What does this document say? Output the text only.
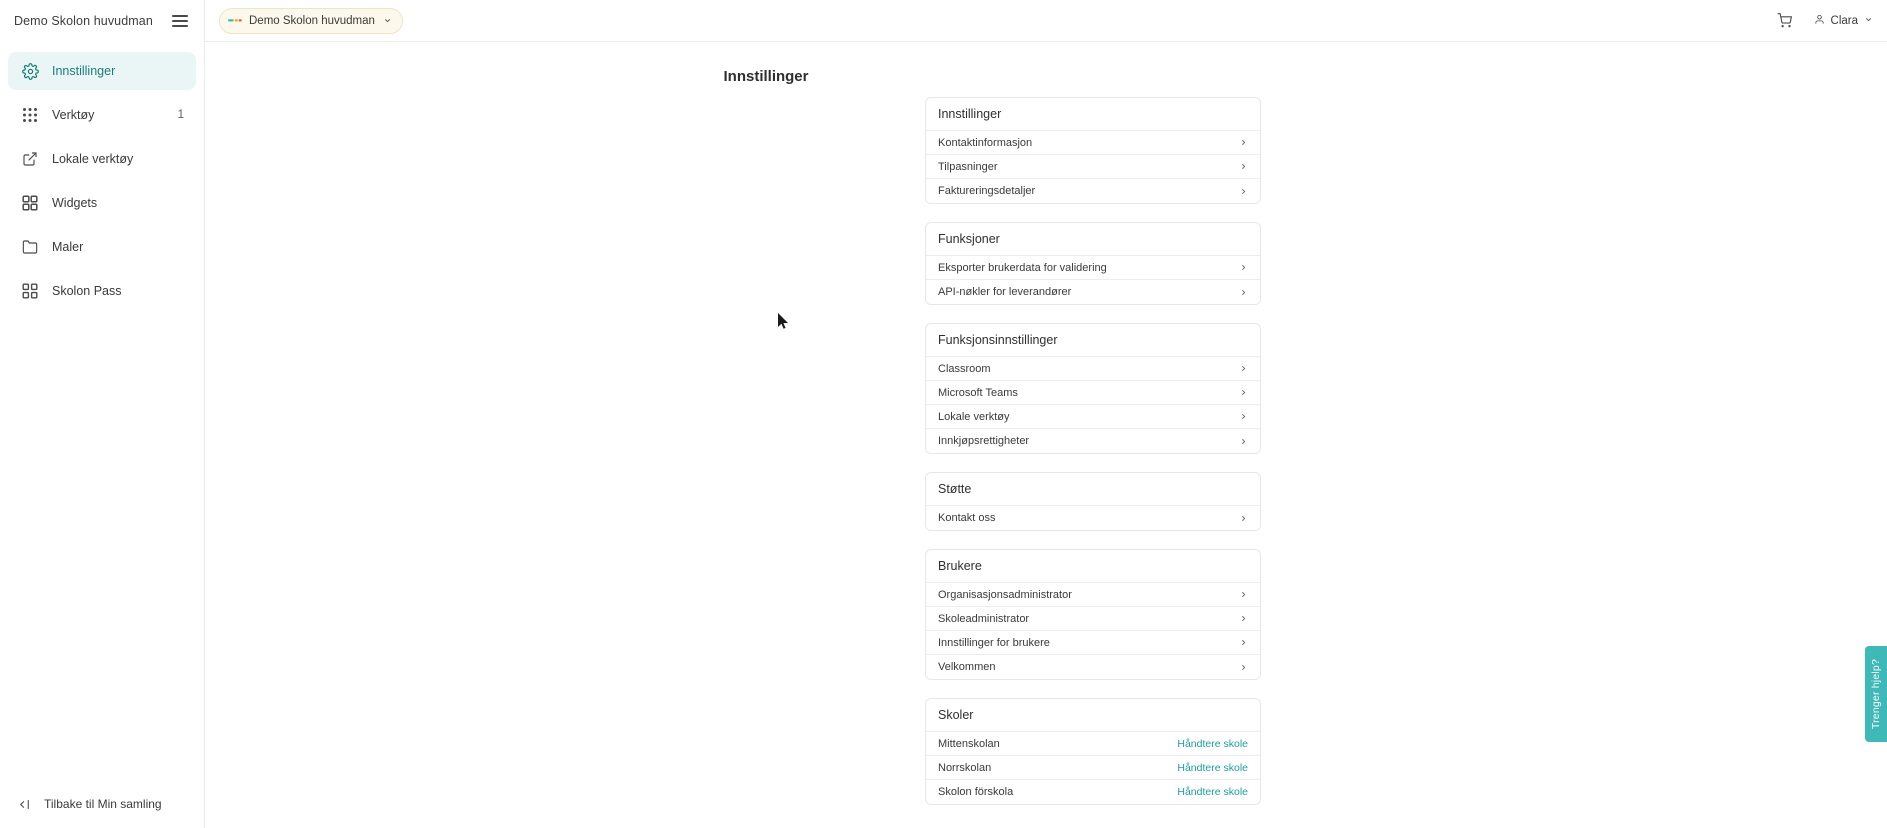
Demo Skolon huvudman
Innstillinger
Verktøy	1
Lokale verktøy
Widgets
Maler
Skolon Pass
Tilbake til Min samling
Demo Skolon huvudman	Clara
Innstillinger
Innstillinger
Kontaktinformasjon
Tilpasninger
Faktureringsdetaljer
Funksjoner
Eksporter brukerdata for validering
API-nøkler for leverandører
Funksjonsinnstillinger
Classroom
Microsoft Teams
Lokale verktøy
Innkjøpsrettigheter
Støtte
Kontakt oss
Brukere
Organisasjonsadministrator
Skoleadministrator
Innstillinger for brukere
Velkommen
Skoler
Mittenskolan	Håndtere skole
Norrskolan	Håndtere skole
Skolon förskola	Håndtere skole
Trenger hjelp?
